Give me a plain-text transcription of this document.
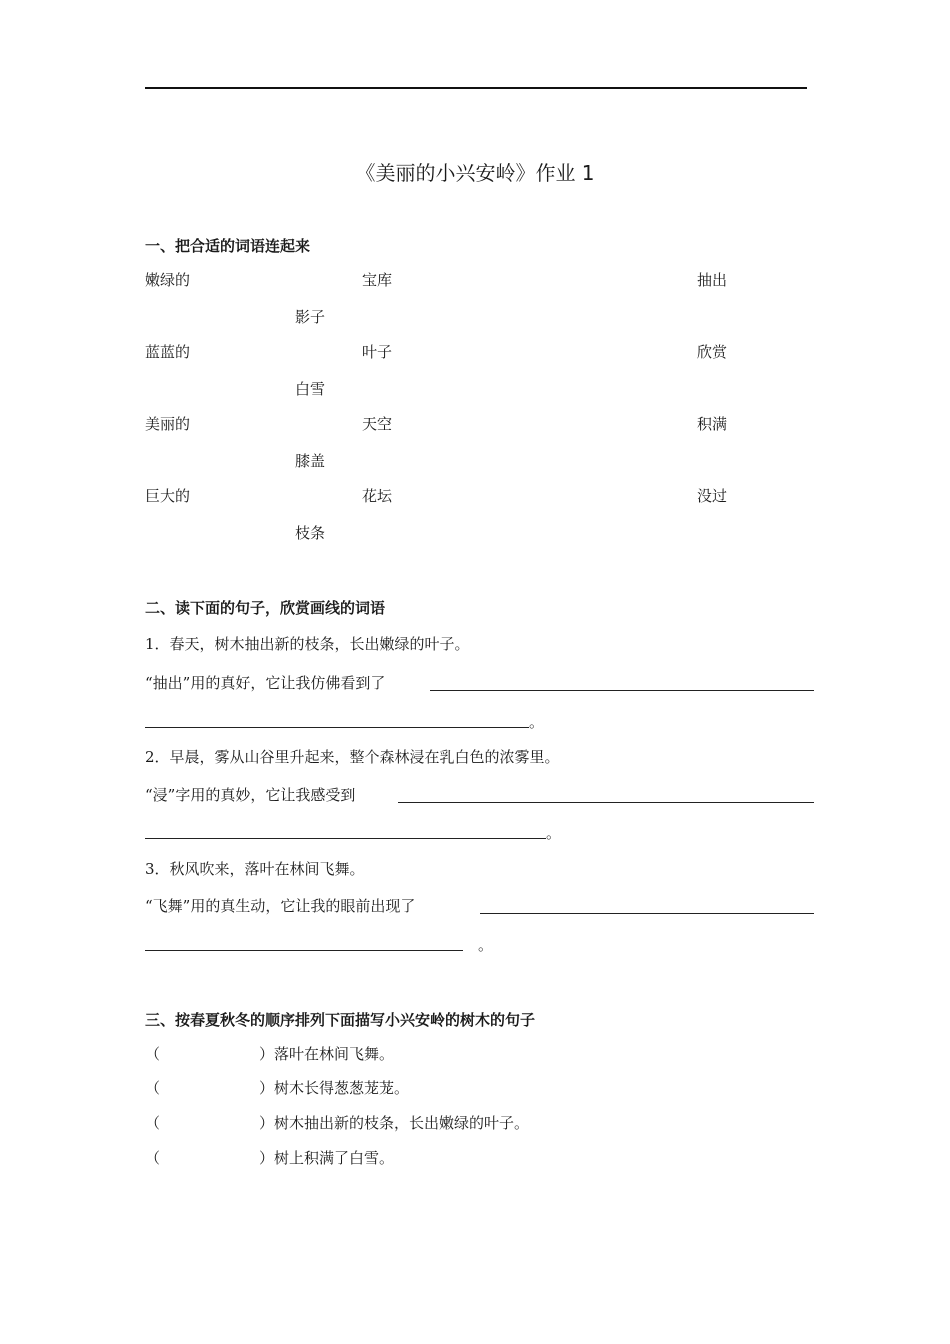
《美丽的小兴安岭》作业 1
一、把合适的词语连起来
嫩绿的	宝库	抽出
影子
蓝蓝的	叶子	欣赏
白雪
美丽的	天空	积满
膝盖
巨大的	花坛	没过
枝条
二、读下面的句子，欣赏画线的词语
1．春天，树木抽出新的枝条，长出嫩绿的叶子。
“抽出”用的真好，它让我仿佛看到了
。
2．早晨，雾从山谷里升起来，整个森林浸在乳白色的浓雾里。
“浸”字用的真妙，它让我感受到
。
3．秋风吹来，落叶在林间飞舞。
“飞舞”用的真生动，它让我的眼前出现了
。
三、按春夏秋冬的顺序排列下面描写小兴安岭的树木的句子
（	）落叶在林间飞舞。
（	）树木长得葱葱茏茏。
（	）树木抽出新的枝条，长出嫩绿的叶子。
（	）树上积满了白雪。
